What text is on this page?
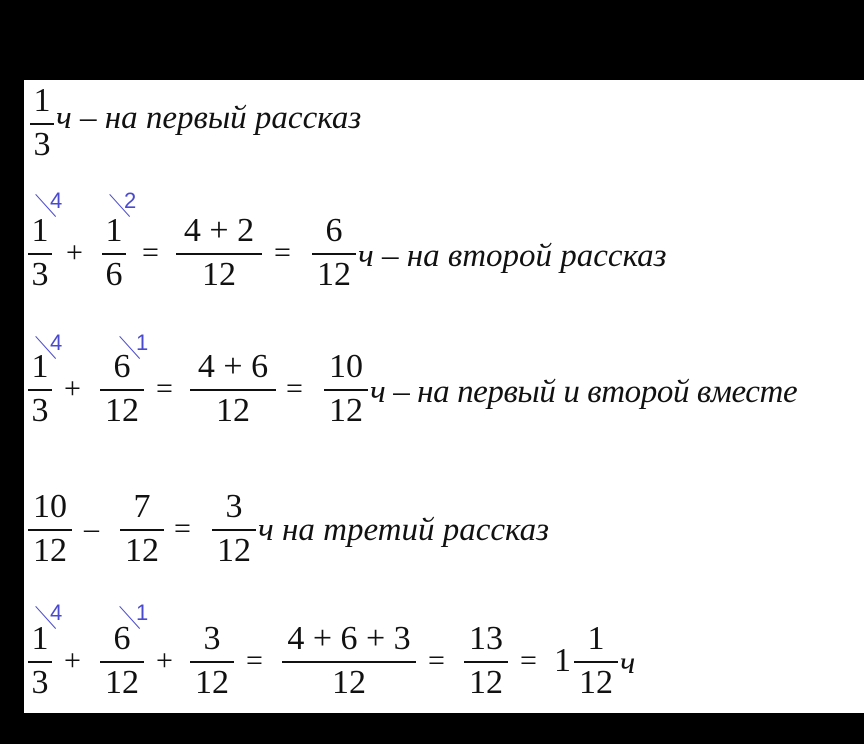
1
3
ч – на первый рассказ
4
1
3
+
2
1
6
=
4 + 2
12
=
6
12 ч – на второй рассказ
4
1
3
+
1
6
12
=
4 + 6
12
=
10
12 ч – на первый и второй вместе
10
12
–
7
12
=
3
12
ч на третий рассказ
4
1
3
+
1
6
12
+
3
12
=
4 + 6 + 3
12
=
13
12
= 1
1
12
ч
